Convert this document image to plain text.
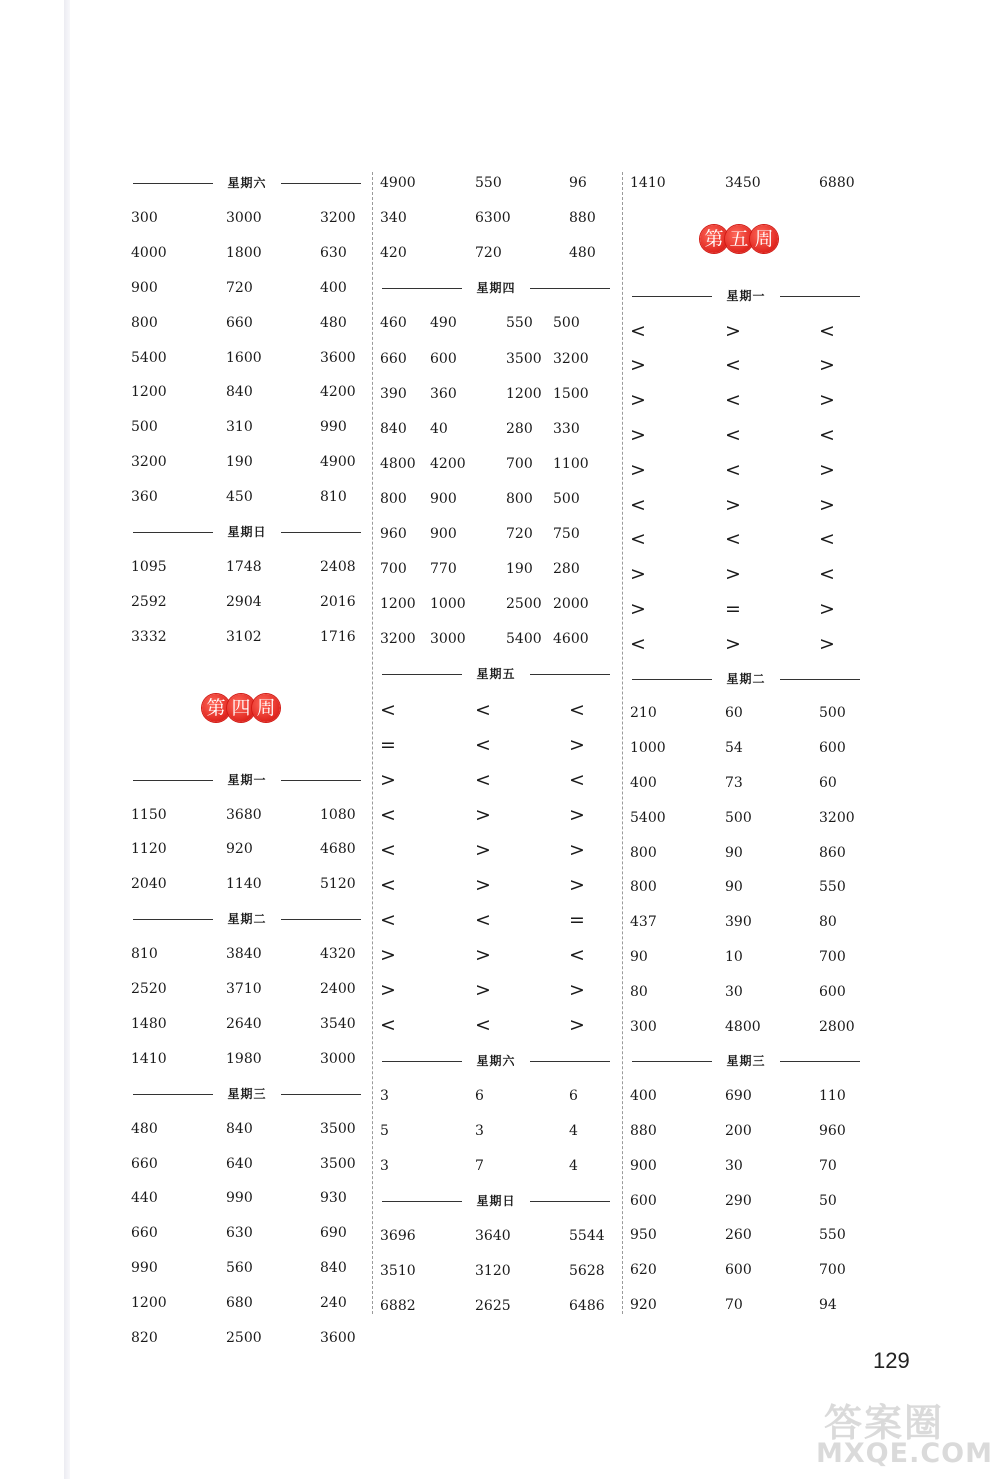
星期六
300	3000	3200
4000	1800	630
900	720	400
800	660	480
5400	1600	3600
1200	840	4200
500	310	990
3200	190	4900
360	450	810
星期日
1095	1748	2408
2592	2904	2016
3332	3102	1716
第 四 周
星期一
1150	3680	1080
1120	920	4680
2040	1140	5120
星期二
810	3840	4320
2520	3710	2400
1480	2640	3540
1410	1980	3000
星期三
480	840	3500
660	640	3500
440	990	930
660	630	690
990	560	840
1200	680	240
820	2500	3600
4900	550	96
340	6300	880
420	720	480
星期四
460 490	550 500
660 600	3500 3200
390 360	1200 1500
840 40	280 330
4800 4200	700 1100
800 900	800 500
960 900	720 750
700 770	190 280
1200 1000	2500 2000
3200 3000	5400 4600
星期五
<	<	<
=	<	>
>	<	<
<	>	>
<	>	>
<	>	>
<	<	=
>	>	<
>	>	>
<	<	>
星期六
3	6	6
5	3	4
3	7	4
星期日
3696	3640	5544
3510	3120	5628
6882	2625	6486
1410	3450	6880
第 五 周
星期一
<	>	<
>	<	>
>	<	>
>	<	<
>	<	>
<	>	>
<	<	<
>	>	<
>	=	>
<	>	>
星期二
210	60	500
1000	54	600
400	73	60
5400	500	3200
800	90	860
800	90	550
437	390	80
90	10	700
80	30	600
300	4800	2800
星期三
400	690	110
880	200	960
900	30	70
600	290	50
950	260	550
620	600	700
920	70	94
129
答案圈
MXQE.COM
